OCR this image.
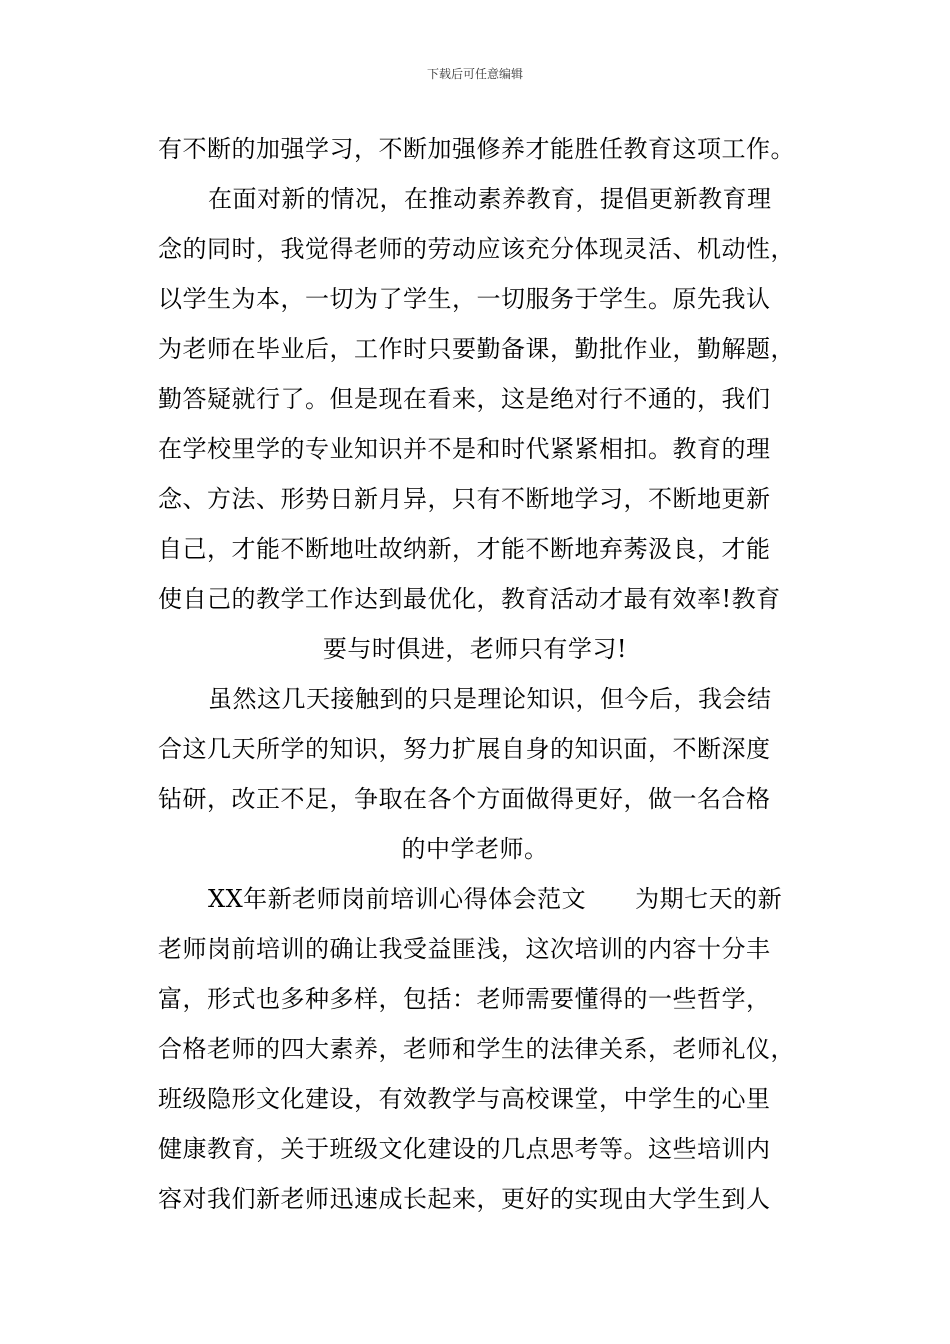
下载后可任意编辑
有不断的加强学习，不断加强修养才能胜任教育这项工作。
在面对新的情况，在推动素养教育，提倡更新教育理
念的同时，我觉得老师的劳动应该充分体现灵活、机动性，
以学生为本，一切为了学生，一切服务于学生。原先我认
为老师在毕业后，工作时只要勤备课，勤批作业，勤解题，
勤答疑就行了。但是现在看来，这是绝对行不通的，我们
在学校里学的专业知识并不是和时代紧紧相扣。教育的理
念、方法、形势日新月异，只有不断地学习，不断地更新
自己，才能不断地吐故纳新，才能不断地弃莠汲良，才能
使自己的教学工作达到最优化，教育活动才最有效率!教育
要与时俱进，老师只有学习!
虽然这几天接触到的只是理论知识，但今后，我会结
合这几天所学的知识，努力扩展自身的知识面，不断深度
钻研，改正不足，争取在各个方面做得更好，做一名合格
的中学老师。
XX年新老师岗前培训心得体会范文　　为期七天的新
老师岗前培训的确让我受益匪浅，这次培训的内容十分丰
富，形式也多种多样，包括：老师需要懂得的一些哲学，
合格老师的四大素养，老师和学生的法律关系，老师礼仪，
班级隐形文化建设，有效教学与高校课堂，中学生的心里
健康教育，关于班级文化建设的几点思考等。这些培训内
容对我们新老师迅速成长起来，更好的实现由大学生到人
